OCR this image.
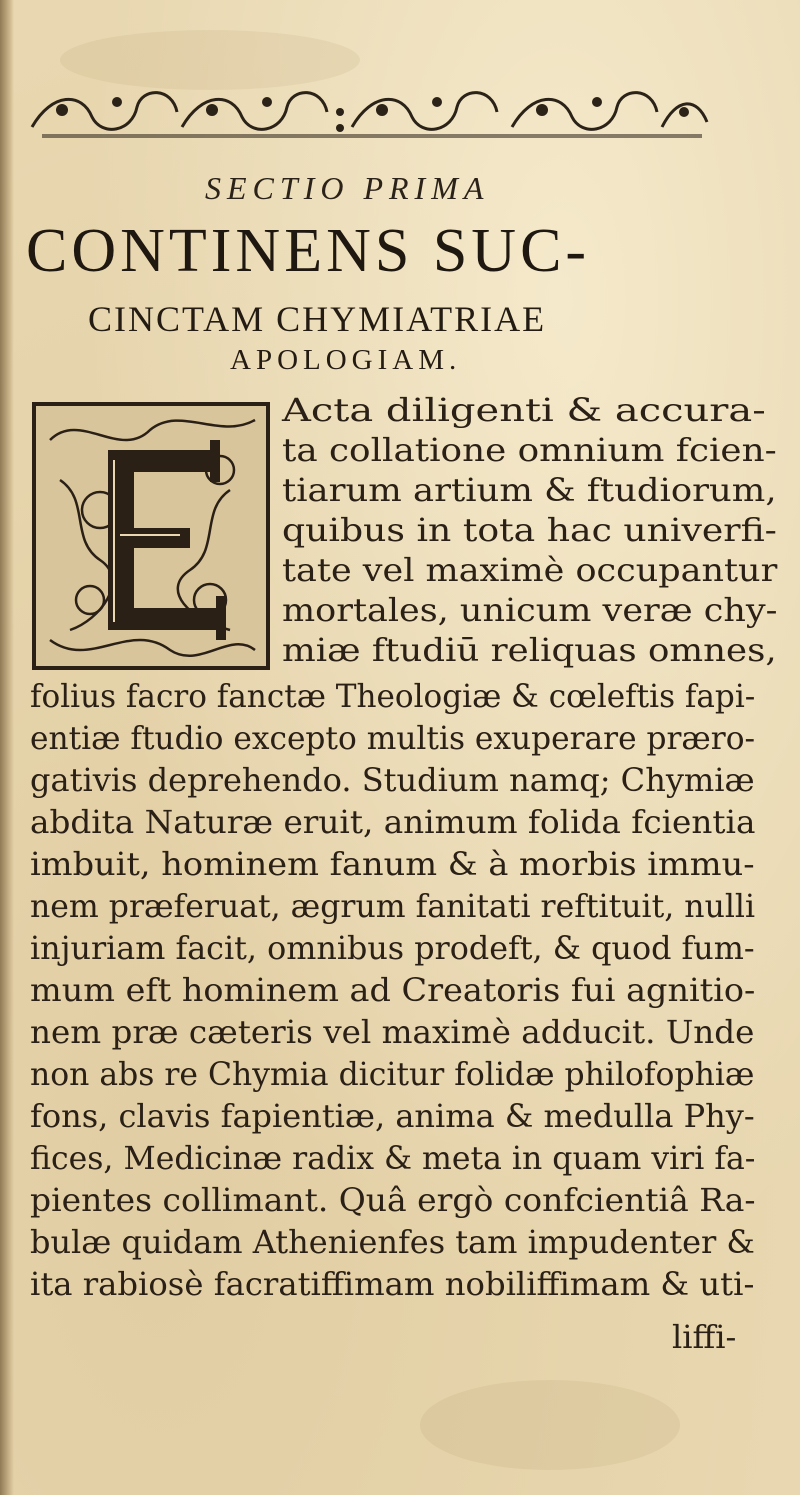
SECTIO PRIMA
CONTINENS SUC-
CINCTAM CHYMIATRIAE
APOLOGIAM.
liffi-
Acta diligenti & accura-
ta collatione omnium fcien-
tiarum artium & ftudiorum,
quibus in tota hac univerfi-
tate vel maximè occupantur
mortales, unicum veræ chy-
miæ ftudiū reliquas omnes,
folius facro fanctæ Theologiæ & cœleftis fapi-
entiæ ftudio excepto multis exuperare prærо-
gativis deprehendo. Studium namq; Chymiæ
abdita Naturæ eruit, animum folida fcientia
imbuit, hominem fanum & à morbis immu-
nem præferuat, ægrum fanitati reftituit, nulli
injuriam facit, omnibus prodeft, & quod fum-
mum eft hominem ad Creatoris fui agnitio-
nem præ cæteris vel maximè adducit. Unde
non abs re Chymia dicitur folidæ philofophiæ
fons, clavis fapientiæ, anima & medulla Phy-
fices, Medicinæ radix & meta in quam viri fa-
pientes collimant. Quâ ergò confcientiâ Ra-
bulæ quidam Athenienfes tam impudenter &
ita rabiosè facratiffimam nobiliffimam & uti-
